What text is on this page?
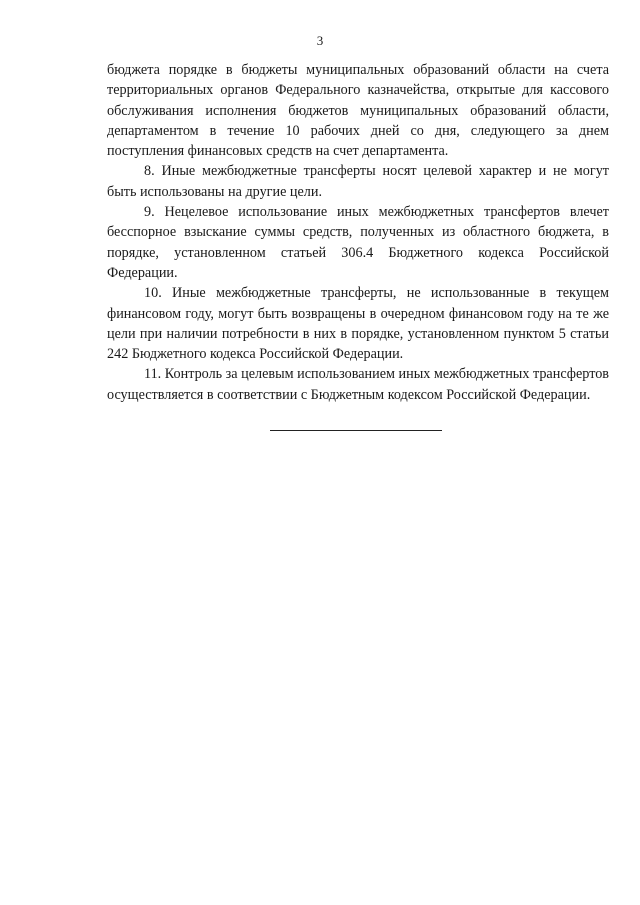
3

бюджета порядке в бюджеты муниципальных образований области на счета территориальных органов Федерального казначейства, открытые для кассового обслуживания исполнения бюджетов муниципальных образований области, департаментом в течение 10 рабочих дней со дня, следующего за днем поступления финансовых средств на счет департамента.

8. Иные межбюджетные трансферты носят целевой характер и не могут быть использованы на другие цели.

9. Нецелевое использование иных межбюджетных трансфертов влечет бесспорное взыскание суммы средств, полученных из областного бюджета, в порядке, установленном статьей 306.4 Бюджетного кодекса Российской Федерации.

10. Иные межбюджетные трансферты, не использованные в текущем финансовом году, могут быть возвращены в очередном финансовом году на те же цели при наличии потребности в них в порядке, установленном пунктом 5 статьи 242 Бюджетного кодекса Российской Федерации.

11. Контроль за целевым использованием иных межбюджетных трансфертов осуществляется в соответствии с Бюджетным кодексом Российской Федерации.
